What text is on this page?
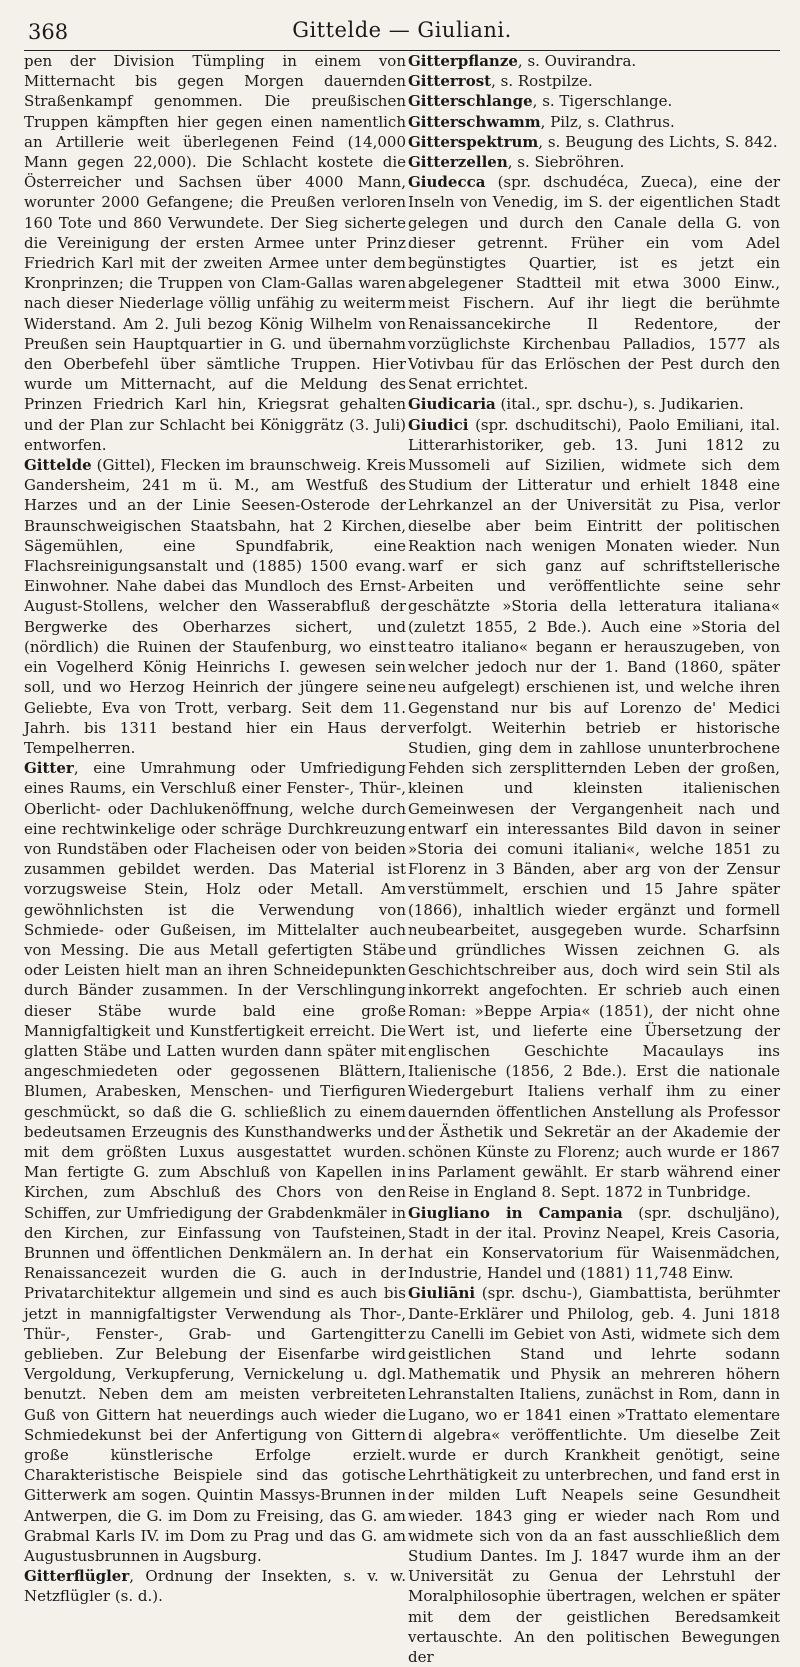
368	Gittelde — Giuliani.

pen der Division Tümpling in einem von Mitternacht bis gegen Morgen dauernden Straßenkampf genommen. Die preußischen Truppen kämpften hier gegen einen namentlich an Artillerie weit überlegenen Feind (14,000 Mann gegen 22,000). Die Schlacht kostete die Österreicher und Sachsen über 4000 Mann, worunter 2000 Gefangene; die Preußen verloren 160 Tote und 860 Verwundete. Der Sieg sicherte die Vereinigung der ersten Armee unter Prinz Friedrich Karl mit der zweiten Armee unter dem Kronprinzen; die Truppen von Clam-Gallas waren nach dieser Niederlage völlig unfähig zu weiterm Widerstand. Am 2. Juli bezog König Wilhelm von Preußen sein Hauptquartier in G. und übernahm den Oberbefehl über sämtliche Truppen. Hier wurde um Mitternacht, auf die Meldung des Prinzen Friedrich Karl hin, Kriegsrat gehalten und der Plan zur Schlacht bei Königgrätz (3. Juli) entworfen.

Gittelde (Gittel), Flecken im braunschweig. Kreis Gandersheim, 241 m ü. M., am Westfuß des Harzes und an der Linie Seesen-Osterode der Braunschweigischen Staatsbahn, hat 2 Kirchen, Sägemühlen, eine Spundfabrik, eine Flachsreinigungsanstalt und (1885) 1500 evang. Einwohner. Nahe dabei das Mundloch des Ernst-August-Stollens, welcher den Wasserabfluß der Bergwerke des Oberharzes sichert, und (nördlich) die Ruinen der Staufenburg, wo einst ein Vogelherd König Heinrichs I. gewesen sein soll, und wo Herzog Heinrich der jüngere seine Geliebte, Eva von Trott, verbarg. Seit dem 11. Jahrh. bis 1311 bestand hier ein Haus der Tempelherren.

Gitter, eine Umrahmung oder Umfriedigung eines Raums, ein Verschluß einer Fenster-, Thür-, Oberlicht- oder Dachlukenöffnung, welche durch eine rechtwinkelige oder schräge Durchkreuzung von Rundstäben oder Flacheisen oder von beiden zusammen gebildet werden. Das Material ist vorzugsweise Stein, Holz oder Metall. Am gewöhnlichsten ist die Verwendung von Schmiede- oder Gußeisen, im Mittelalter auch von Messing. Die aus Metall gefertigten Stäbe oder Leisten hielt man an ihren Schneidepunkten durch Bänder zusammen. In der Verschlingung dieser Stäbe wurde bald eine große Mannigfaltigkeit und Kunstfertigkeit erreicht. Die glatten Stäbe und Latten wurden dann später mit angeschmiedeten oder gegossenen Blättern, Blumen, Arabesken, Menschen- und Tierfiguren geschmückt, so daß die G. schließlich zu einem bedeutsamen Erzeugnis des Kunsthandwerks und mit dem größten Luxus ausgestattet wurden. Man fertigte G. zum Abschluß von Kapellen in Kirchen, zum Abschluß des Chors von den Schiffen, zur Umfriedigung der Grabdenkmäler in den Kirchen, zur Einfassung von Taufsteinen, Brunnen und öffentlichen Denkmälern an. In der Renaissancezeit wurden die G. auch in der Privatarchitektur allgemein und sind es auch bis jetzt in mannigfaltigster Verwendung als Thor-, Thür-, Fenster-, Grab- und Gartengitter geblieben. Zur Belebung der Eisenfarbe wird Vergoldung, Verkupferung, Vernickelung u. dgl. benutzt. Neben dem am meisten verbreiteten Guß von Gittern hat neuerdings auch wieder die Schmiedekunst bei der Anfertigung von Gittern große künstlerische Erfolge erzielt. Charakteristische Beispiele sind das gotische Gitterwerk am sogen. Quintin Massys-Brunnen in Antwerpen, die G. im Dom zu Freising, das G. am Grabmal Karls IV. im Dom zu Prag und das G. am Augustusbrunnen in Augsburg.

Gitterflügler, Ordnung der Insekten, s. v. w. Netzflügler (s. d.).

Gitterpflanze, s. Ouvirandra.

Gitterrost, s. Rostpilze.

Gitterschlange, s. Tigerschlange.

Gitterschwamm, Pilz, s. Clathrus.

Gitterspektrum, s. Beugung des Lichts, S. 842.

Gitterzellen, s. Siebröhren.

Giudecca (spr. dschudéca, Zueca), eine der Inseln von Venedig, im S. der eigentlichen Stadt gelegen und durch den Canale della G. von dieser getrennt. Früher ein vom Adel begünstigtes Quartier, ist es jetzt ein abgelegener Stadtteil mit etwa 3000 Einw., meist Fischern. Auf ihr liegt die berühmte Renaissancekirche Il Redentore, der vorzüglichste Kirchenbau Palladios, 1577 als Votivbau für das Erlöschen der Pest durch den Senat errichtet.

Giudicaria (ital., spr. dschu-), s. Judikarien.

Giudici (spr. dschuditschi), Paolo Emiliani, ital. Litterarhistoriker, geb. 13. Juni 1812 zu Mussomeli auf Sizilien, widmete sich dem Studium der Litteratur und erhielt 1848 eine Lehrkanzel an der Universität zu Pisa, verlor dieselbe aber beim Eintritt der politischen Reaktion nach wenigen Monaten wieder. Nun warf er sich ganz auf schriftstellerische Arbeiten und veröffentlichte seine sehr geschätzte »Storia della letteratura italiana« (zuletzt 1855, 2 Bde.). Auch eine »Storia del teatro italiano« begann er herauszugeben, von welcher jedoch nur der 1. Band (1860, später neu aufgelegt) erschienen ist, und welche ihren Gegenstand nur bis auf Lorenzo de' Medici verfolgt. Weiterhin betrieb er historische Studien, ging dem in zahllose ununterbrochene Fehden sich zersplitternden Leben der großen, kleinen und kleinsten italienischen Gemeinwesen der Vergangenheit nach und entwarf ein interessantes Bild davon in seiner »Storia dei comuni italiani«, welche 1851 zu Florenz in 3 Bänden, aber arg von der Zensur verstümmelt, erschien und 15 Jahre später (1866), inhaltlich wieder ergänzt und formell neubearbeitet, ausgegeben wurde. Scharfsinn und gründliches Wissen zeichnen G. als Geschichtschreiber aus, doch wird sein Stil als inkorrekt angefochten. Er schrieb auch einen Roman: »Beppe Arpia« (1851), der nicht ohne Wert ist, und lieferte eine Übersetzung der englischen Geschichte Macaulays ins Italienische (1856, 2 Bde.). Erst die nationale Wiedergeburt Italiens verhalf ihm zu einer dauernden öffentlichen Anstellung als Professor der Ästhetik und Sekretär an der Akademie der schönen Künste zu Florenz; auch wurde er 1867 ins Parlament gewählt. Er starb während einer Reise in England 8. Sept. 1872 in Tunbridge.

Giugliano in Campania (spr. dschuljäno), Stadt in der ital. Provinz Neapel, Kreis Casoria, hat ein Konservatorium für Waisenmädchen, Industrie, Handel und (1881) 11,748 Einw.

Giuliāni (spr. dschu-), Giambattista, berühmter Dante-Erklärer und Philolog, geb. 4. Juni 1818 zu Canelli im Gebiet von Asti, widmete sich dem geistlichen Stand und lehrte sodann Mathematik und Physik an mehreren höhern Lehranstalten Italiens, zunächst in Rom, dann in Lugano, wo er 1841 einen »Trattato elementare di algebra« veröffentlichte. Um dieselbe Zeit wurde er durch Krankheit genötigt, seine Lehrthätigkeit zu unterbrechen, und fand erst in der milden Luft Neapels seine Gesundheit wieder. 1843 ging er wieder nach Rom und widmete sich von da an fast ausschließlich dem Studium Dantes. Im J. 1847 wurde ihm an der Universität zu Genua der Lehrstuhl der Moralphilosophie übertragen, welchen er später mit dem der geistlichen Beredsamkeit vertauschte. An den politischen Bewegungen der
